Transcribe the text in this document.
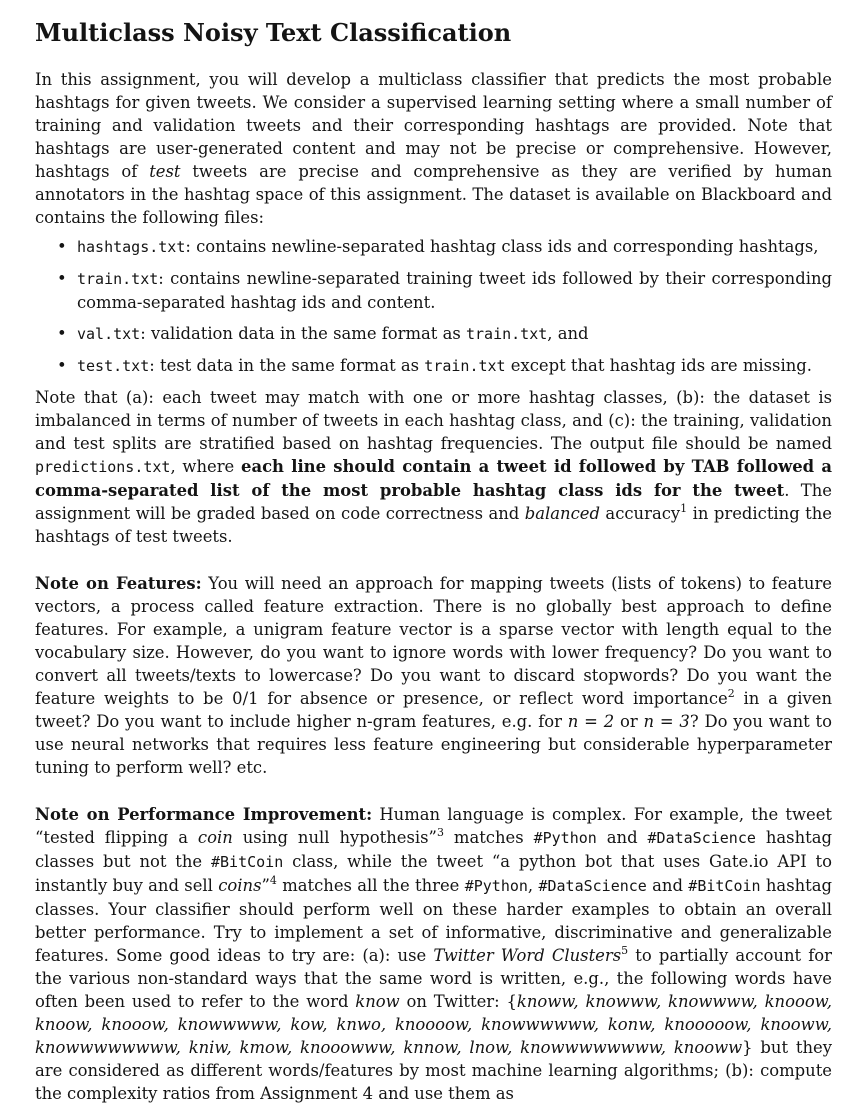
Multiclass Noisy Text Classification

In this assignment, you will develop a multiclass classifier that predicts the most probable hashtags for given tweets. We consider a supervised learning setting where a small number of training and validation tweets and their corresponding hashtags are provided. Note that hashtags are user-generated content and may not be precise or comprehensive. However, hashtags of test tweets are precise and comprehensive as they are verified by human annotators in the hashtag space of this assignment. The dataset is available on Blackboard and contains the following files:

• hashtags.txt: contains newline-separated hashtag class ids and corresponding hashtags,
• train.txt: contains newline-separated training tweet ids followed by their corresponding comma-separated hashtag ids and content.
• val.txt: validation data in the same format as train.txt, and
• test.txt: test data in the same format as train.txt except that hashtag ids are missing.

Note that (a): each tweet may match with one or more hashtag classes, (b): the dataset is imbalanced in terms of number of tweets in each hashtag class, and (c): the training, validation and test splits are stratified based on hashtag frequencies. The output file should be named predictions.txt, where each line should contain a tweet id followed by TAB followed a comma-separated list of the most probable hashtag class ids for the tweet. The assignment will be graded based on code correctness and balanced accuracy$^1$ in predicting the hashtags of test tweets.

Note on Features: You will need an approach for mapping tweets (lists of tokens) to feature vectors, a process called feature extraction. There is no globally best approach to define features. For example, a unigram feature vector is a sparse vector with length equal to the vocabulary size. However, do you want to ignore words with lower frequency? Do you want to convert all tweets/texts to lowercase? Do you want to discard stopwords? Do you want the feature weights to be 0/1 for absence or presence, or reflect word importance$^2$ in a given tweet? Do you want to include higher n-gram features, e.g. for n = 2 or n = 3? Do you want to use neural networks that requires less feature engineering but considerable hyperparameter tuning to perform well? etc.

Note on Performance Improvement: Human language is complex. For example, the tweet “tested flipping a coin using null hypothesis”$^3$ matches #Python and #DataScience hashtag classes but not the #BitCoin class, while the tweet “a python bot that uses Gate.io API to instantly buy and sell coins”$^4$ matches all the three #Python, #DataScience and #BitCoin hashtag classes. Your classifier should perform well on these harder examples to obtain an overall better performance. Try to implement a set of informative, discriminative and generalizable features. Some good ideas to try are: (a): use Twitter Word Clusters$^5$ to partially account for the various non-standard ways that the same word is written, e.g., the following words have often been used to refer to the word know on Twitter: {knoww, knowww, knowwww, knooow, knoow, knooow, knowwwww, kow, knwo, knoooow, knowwwwww, konw, knooooow, knooww, knowwwwwwww, kniw, kmow, knooowww, knnow, lnow, knowwwwwwww, knooww} but they are considered as different words/features by most machine learning algorithms; (b): compute the complexity ratios from Assignment 4 and use them as
